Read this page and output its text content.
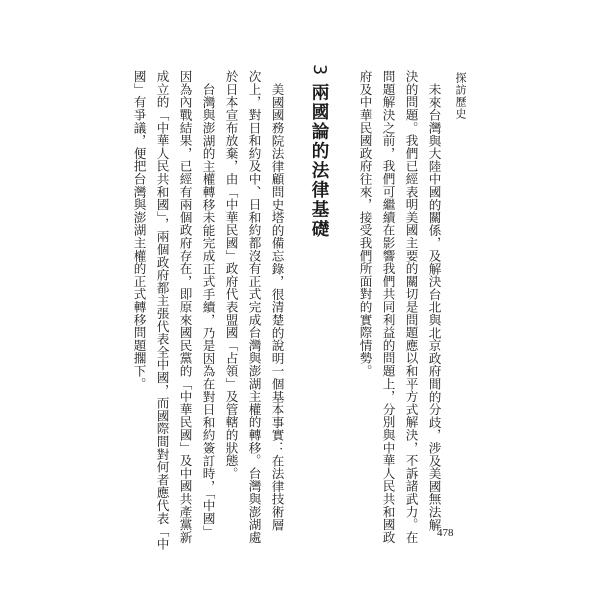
探訪歷史
未來台灣與大陸中國的關係，及解決台北與北京政府間的分歧，涉及美國無法解
決的問題。我們已經表明美國主要的關切是問題應以和平方式解決，不訴諸武力。在
問題解決之前，我們可繼續在影響我們共同利益的問題上，分別與中華人民共和國政
府及中華民國政府往來，接受我們所面對的實際情勢。
3兩國論的法律基礎
美國國務院法律顧問史塔的備忘錄，很清楚的說明一個基本事實：在法律技術層
次上，對日和約及中、日和約都沒有正式完成台灣與澎湖主權的轉移。台灣與澎湖處
於日本宣布放棄，由「中華民國」政府代表盟國「占領」及管轄的狀態。
台灣與澎湖的主權轉移未能完成正式手續，乃是因為在對日和約簽訂時，「中國」
因為內戰結果，已經有兩個政府存在，即原來國民黨的「中華民國」及中國共產黨新
成立的「中華人民共和國」，兩個政府都主張代表全中國，而國際間對何者應代表「中
國」有爭議，便把台灣與澎湖主權的正式轉移問題擱下。
478
